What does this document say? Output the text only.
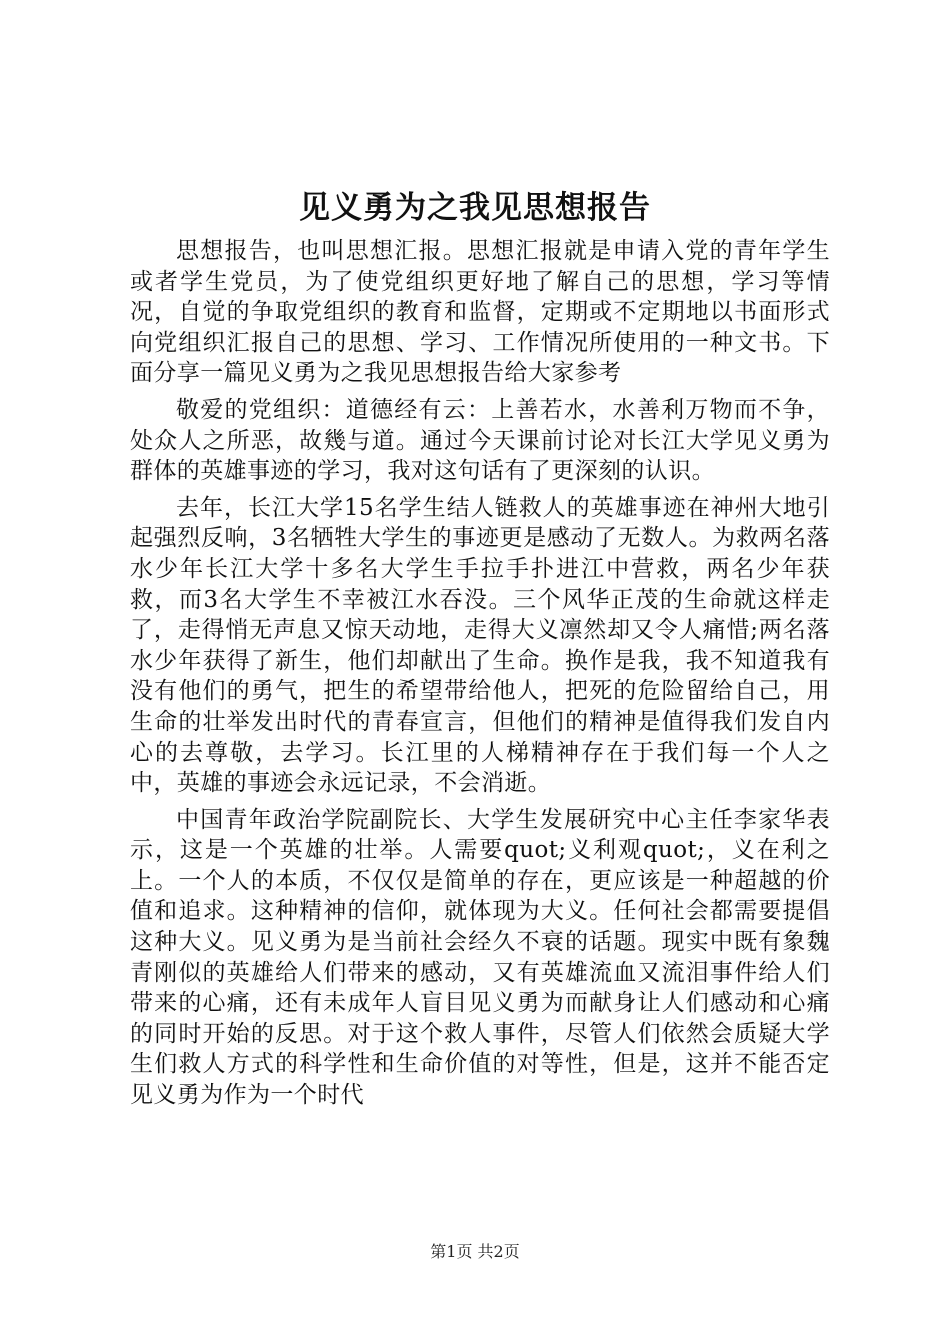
见义勇为之我见思想报告

思想报告，也叫思想汇报。思想汇报就是申请入党的青年学生或者学生党员，为了使党组织更好地了解自己的思想，学习等情况，自觉的争取党组织的教育和监督，定期或不定期地以书面形式向党组织汇报自己的思想、学习、工作情况所使用的一种文书。下面分享一篇见义勇为之我见思想报告给大家参考

敬爱的党组织：道德经有云：上善若水，水善利万物而不争，处众人之所恶，故幾与道。通过今天课前讨论对长江大学见义勇为群体的英雄事迹的学习，我对这句话有了更深刻的认识。

去年，长江大学15名学生结人链救人的英雄事迹在神州大地引起强烈反响，3名牺牲大学生的事迹更是感动了无数人。为救两名落水少年长江大学十多名大学生手拉手扑进江中营救，两名少年获救，而3名大学生不幸被江水吞没。三个风华正茂的生命就这样走了，走得悄无声息又惊天动地，走得大义凛然却又令人痛惜;两名落水少年获得了新生，他们却献出了生命。换作是我，我不知道我有没有他们的勇气，把生的希望带给他人，把死的危险留给自己，用生命的壮举发出时代的青春宣言，但他们的精神是值得我们发自内心的去尊敬，去学习。长江里的人梯精神存在于我们每一个人之中，英雄的事迹会永远记录，不会消逝。

中国青年政治学院副院长、大学生发展研究中心主任李家华表示，这是一个英雄的壮举。人需要quot;义利观quot;，义在利之上。一个人的本质，不仅仅是简单的存在，更应该是一种超越的价值和追求。这种精神的信仰，就体现为大义。任何社会都需要提倡这种大义。见义勇为是当前社会经久不衰的话题。现实中既有象魏青刚似的英雄给人们带来的感动，又有英雄流血又流泪事件给人们带来的心痛，还有未成年人盲目见义勇为而献身让人们感动和心痛的同时开始的反思。对于这个救人事件，尽管人们依然会质疑大学生们救人方式的科学性和生命价值的对等性，但是，这并不能否定见义勇为作为一个时代

第1页 共2页
